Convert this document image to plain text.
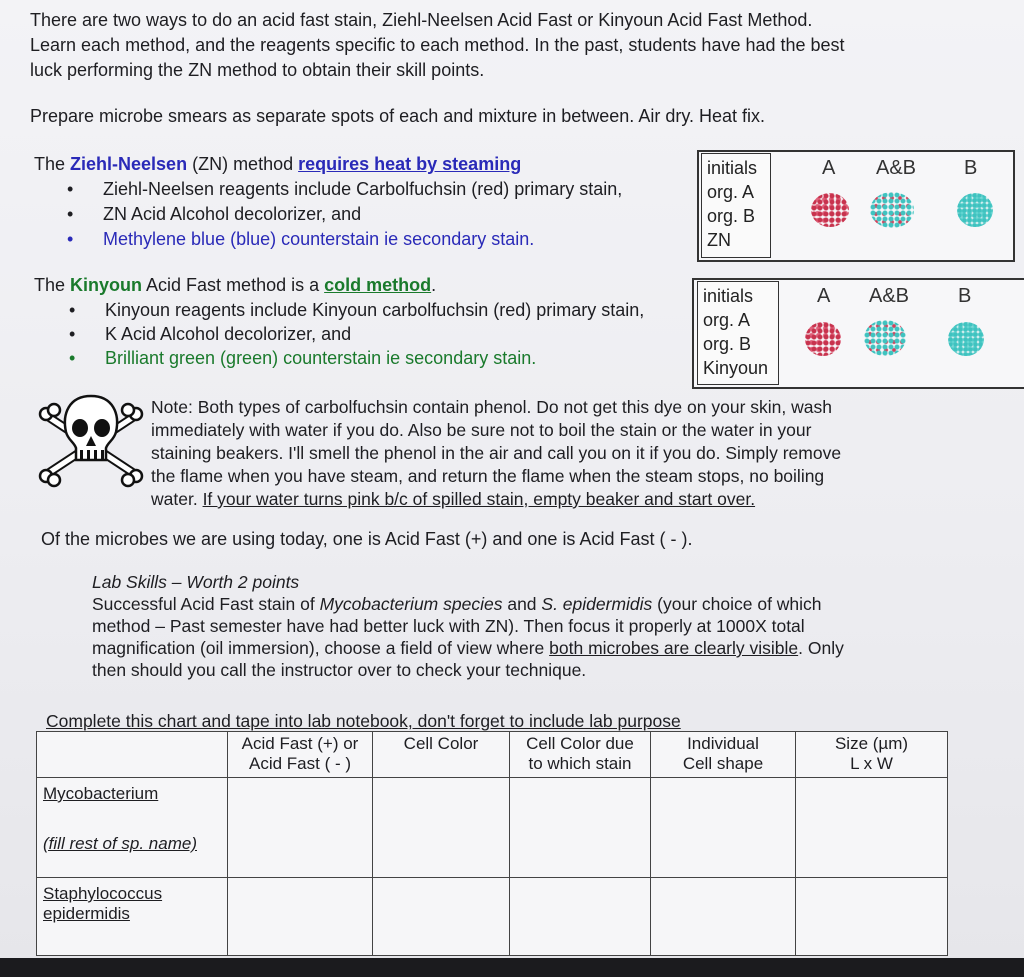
There are two ways to do an acid fast stain, Ziehl-Neelsen Acid Fast or Kinyoun Acid Fast Method.
Learn each method, and the reagents specific to each method. In the past, students have had the best
luck performing the ZN method to obtain their skill points.
Prepare microbe smears as separate spots of each and mixture in between. Air dry. Heat fix.
The Ziehl-Neelsen (ZN) method requires heat by steaming
• Ziehl-Neelsen reagents include Carbolfuchsin (red) primary stain,
• ZN Acid Alcohol decolorizer, and
• Methylene blue (blue) counterstain ie secondary stain.
initials
org. A
org. B
ZN
A A&B B
The Kinyoun Acid Fast method is a cold method.
• Kinyoun reagents include Kinyoun carbolfuchsin (red) primary stain,
• K Acid Alcohol decolorizer, and
• Brilliant green (green) counterstain ie secondary stain.
initials
org. A
org. B
Kinyoun
A A&B B
Note: Both types of carbolfuchsin contain phenol. Do not get this dye on your skin, wash
immediately with water if you do. Also be sure not to boil the stain or the water in your
staining beakers. I'll smell the phenol in the air and call you on it if you do. Simply remove
the flame when you have steam, and return the flame when the steam stops, no boiling
water. If your water turns pink b/c of spilled stain, empty beaker and start over.
Of the microbes we are using today, one is Acid Fast (+) and one is Acid Fast ( - ).
Lab Skills – Worth 2 points
Successful Acid Fast stain of Mycobacterium species and S. epidermidis (your choice of which
method – Past semester have had better luck with ZN). Then focus it properly at 1000X total
magnification (oil immersion), choose a field of view where both microbes are clearly visible. Only
then should you call the instructor over to check your technique.
Complete this chart and tape into lab notebook, don't forget to include lab purpose
	Acid Fast (+) or
Acid Fast ( - )	Cell Color	Cell Color due
to which stain	Individual
Cell shape	Size (µm)
L x W

Mycobacterium
(fill rest of sp. name)					

Staphylococcus
epidermidis					
